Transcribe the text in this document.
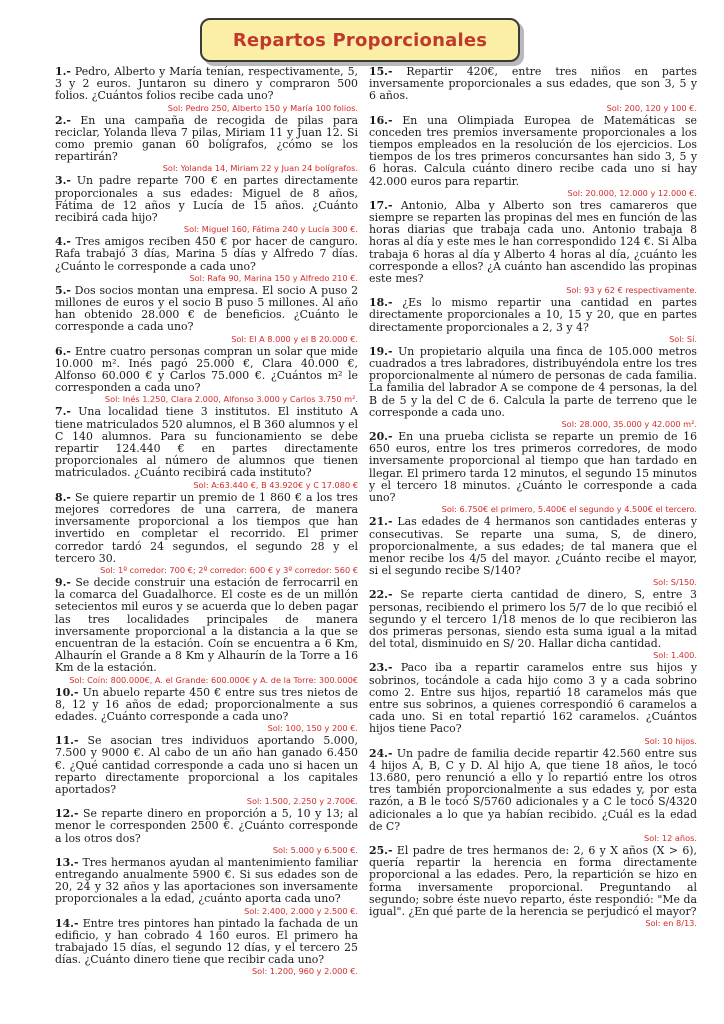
Repartos Proporcionales

1.- Pedro, Alberto y María tenían, respectivamente, 5, 3 y 2 euros. Juntaron su dinero y compraron 500 folios. ¿Cuántos folios recibe cada uno?

Sol: Pedro 250, Alberto 150 y María 100 folios.

2.- En una campaña de recogida de pilas para reciclar, Yolanda lleva 7 pilas, Miriam 11 y Juan 12. Si como premio ganan 60 bolígrafos, ¿cómo se los repartirán?

Sol: Yolanda 14, Miriam 22 y Juan 24 bolígrafos.

3.- Un padre reparte 700 € en partes directamente proporcionales a sus edades: Miguel de 8 años, Fátima de 12 años y Lucía de 15 años. ¿Cuánto recibirá cada hijo?

Sol: Miguel 160, Fátima 240 y Lucía 300 €.

4.- Tres amigos reciben 450 € por hacer de canguro. Rafa trabajó 3 días, Marina 5 días y Alfredo 7 días. ¿Cuánto le corresponde a cada uno?

Sol: Rafa 90, Marina 150 y Alfredo 210 €.

5.- Dos socios montan una empresa. El socio A puso 2 millones de euros y el socio B puso 5 millones. Al año han obtenido 28.000 € de beneficios. ¿Cuánto le corresponde a cada uno?

Sol: El A 8.000 y el B 20.000 €.

6.- Entre cuatro personas compran un solar que mide 10.000 m². Inés pagó 25.000 €, Clara 40.000 €, Alfonso 60.000 € y Carlos 75.000 €. ¿Cuántos m² le corresponden a cada uno?

Sol: Inés 1.250, Clara 2.000, Alfonso 3.000 y Carlos 3.750 m².

7.- Una localidad tiene 3 institutos. El instituto A tiene matriculados 520 alumnos, el B 360 alumnos y el C 140 alumnos. Para su funcionamiento se debe repartir 124.440 € en partes directamente proporcionales al número de alumnos que tienen matriculados. ¿Cuánto recibirá cada instituto?

Sol: A:63.440 €, B 43.920€ y C 17.080 €

8.- Se quiere repartir un premio de 1 860 € a los tres mejores corredores de una carrera, de manera inversamente proporcional a los tiempos que han invertido en completar el recorrido. El primer corredor tardó 24 segundos, el segundo 28 y el tercero 30.

Sol: 1º corredor: 700 €; 2º corredor: 600 € y 3º corredor: 560 €

9.- Se decide construir una estación de ferrocarril en la comarca del Guadalhorce. El coste es de un millón setecientos mil euros y se acuerda que lo deben pagar las tres localidades principales de manera inversamente proporcional a la distancia a la que se encuentran de la estación. Coín se encuentra a 6 Km, Alhaurín el Grande a 8 Km y Alhaurín de la Torre a 16 Km de la estación.

Sol: Coín: 800.000€, A. el Grande: 600.000€ y A. de la Torre: 300.000€

10.- Un abuelo reparte 450 € entre sus tres nietos de 8, 12 y 16 años de edad; proporcionalmente a sus edades. ¿Cuánto corresponde a cada uno?

Sol: 100, 150 y 200 €.

11.- Se asocian tres individuos aportando 5.000, 7.500 y 9000 €. Al cabo de un año han ganado 6.450 €. ¿Qué cantidad corresponde a cada uno si hacen un reparto directamente proporcional a los capitales aportados?

Sol: 1.500, 2.250 y 2.700€.

12.- Se reparte dinero en proporción a 5, 10 y 13; al menor le corresponden 2500 €. ¿Cuánto corresponde a los otros dos?

Sol: 5.000 y 6.500 €.

13.- Tres hermanos ayudan al mantenimiento familiar entregando anualmente 5900 €. Si sus edades son de 20, 24 y 32 años y las aportaciones son inversamente proporcionales a la edad, ¿cuánto aporta cada uno?

Sol: 2.400, 2.000 y 2.500 €.

14.- Entre tres pintores han pintado la fachada de un edificio, y han cobrado 4 160 euros. El primero ha trabajado 15 días, el segundo 12 días, y el tercero 25 días. ¿Cuánto dinero tiene que recibir cada uno?

Sol: 1.200, 960 y 2.000 €.

15.- Repartir 420€, entre tres niños en partes inversamente proporcionales a sus edades, que son 3, 5 y 6 años.

Sol: 200, 120 y 100 €.

16.- En una Olimpiada Europea de Matemáticas se conceden tres premios inversamente proporcionales a los tiempos empleados en la resolución de los ejercicios. Los tiempos de los tres primeros concursantes han sido 3, 5 y 6 horas. Calcula cuánto dinero recibe cada uno si hay 42.000 euros para repartir.

Sol: 20.000, 12.000 y 12.000 €.

17.- Antonio, Alba y Alberto son tres camareros que siempre se reparten las propinas del mes en función de las horas diarias que trabaja cada uno. Antonio trabaja 8 horas al día y este mes le han correspondido 124 €. Si Alba trabaja 6 horas al día y Alberto 4 horas al día, ¿cuánto les corresponde a ellos? ¿A cuánto han ascendido las propinas este mes?

Sol: 93 y 62 € respectivamente.

18.- ¿Es lo mismo repartir una cantidad en partes directamente proporcionales a 10, 15 y 20, que en partes directamente proporcionales a 2, 3 y 4?

Sol: Sí.

19.- Un propietario alquila una finca de 105.000 metros cuadrados a tres labradores, distribuyéndola entre los tres proporcionalmente al número de personas de cada familia. La familia del labrador A se compone de 4 personas, la del B de 5 y la del C de 6. Calcula la parte de terreno que le corresponde a cada uno.

Sol: 28.000, 35.000 y 42.000 m².

20.- En una prueba ciclista se reparte un premio de 16 650 euros, entre los tres primeros corredores, de modo inversamente proporcional al tiempo que han tardado en llegar. El primero tarda 12 minutos, el segundo 15 minutos y el tercero 18 minutos. ¿Cuánto le corresponde a cada uno?

Sol: 6.750€ el primero, 5.400€ el segundo y 4.500€ el tercero.

21.- Las edades de 4 hermanos son cantidades enteras y consecutivas. Se reparte una suma, S, de dinero, proporcionalmente, a sus edades; de tal manera que el menor recibe los 4/5 del mayor. ¿Cuánto recibe el mayor, si el segundo recibe S/140?

Sol: S/150.

22.- Se reparte cierta cantidad de dinero, S, entre 3 personas, recibiendo el primero los 5/7 de lo que recibió el segundo y el tercero 1/18 menos de lo que recibieron las dos primeras personas, siendo esta suma igual a la mitad del total, disminuido en S/ 20. Hallar dicha cantidad.

Sol: 1.400.

23.- Paco iba a repartir caramelos entre sus hijos y sobrinos, tocándole a cada hijo como 3 y a cada sobrino como 2. Entre sus hijos, repartió 18 caramelos más que entre sus sobrinos, a quienes correspondió 6 caramelos a cada uno. Si en total repartió 162 caramelos. ¿Cuántos hijos tiene Paco?

Sol: 10 hijos.

24.- Un padre de familia decide repartir 42.560 entre sus 4 hijos A, B, C y D. Al hijo A, que tiene 18 años, le tocó 13.680, pero renunció a ello y lo repartió entre los otros tres también proporcionalmente a sus edades y, por esta razón, a B le tocó S/5760 adicionales y a C le tocó S/4320 adicionales a lo que ya habían recibido. ¿Cuál es la edad de C?

Sol: 12 años.

25.- El padre de tres hermanos de: 2, 6 y X años (X > 6), quería repartir la herencia en forma directamente proporcional a las edades. Pero, la repartición se hizo en forma inversamente proporcional. Preguntando al segundo; sobre éste nuevo reparto, éste respondió: "Me da igual". ¿En qué parte de la herencia se perjudicó el mayor?

Sol: en 8/13.
